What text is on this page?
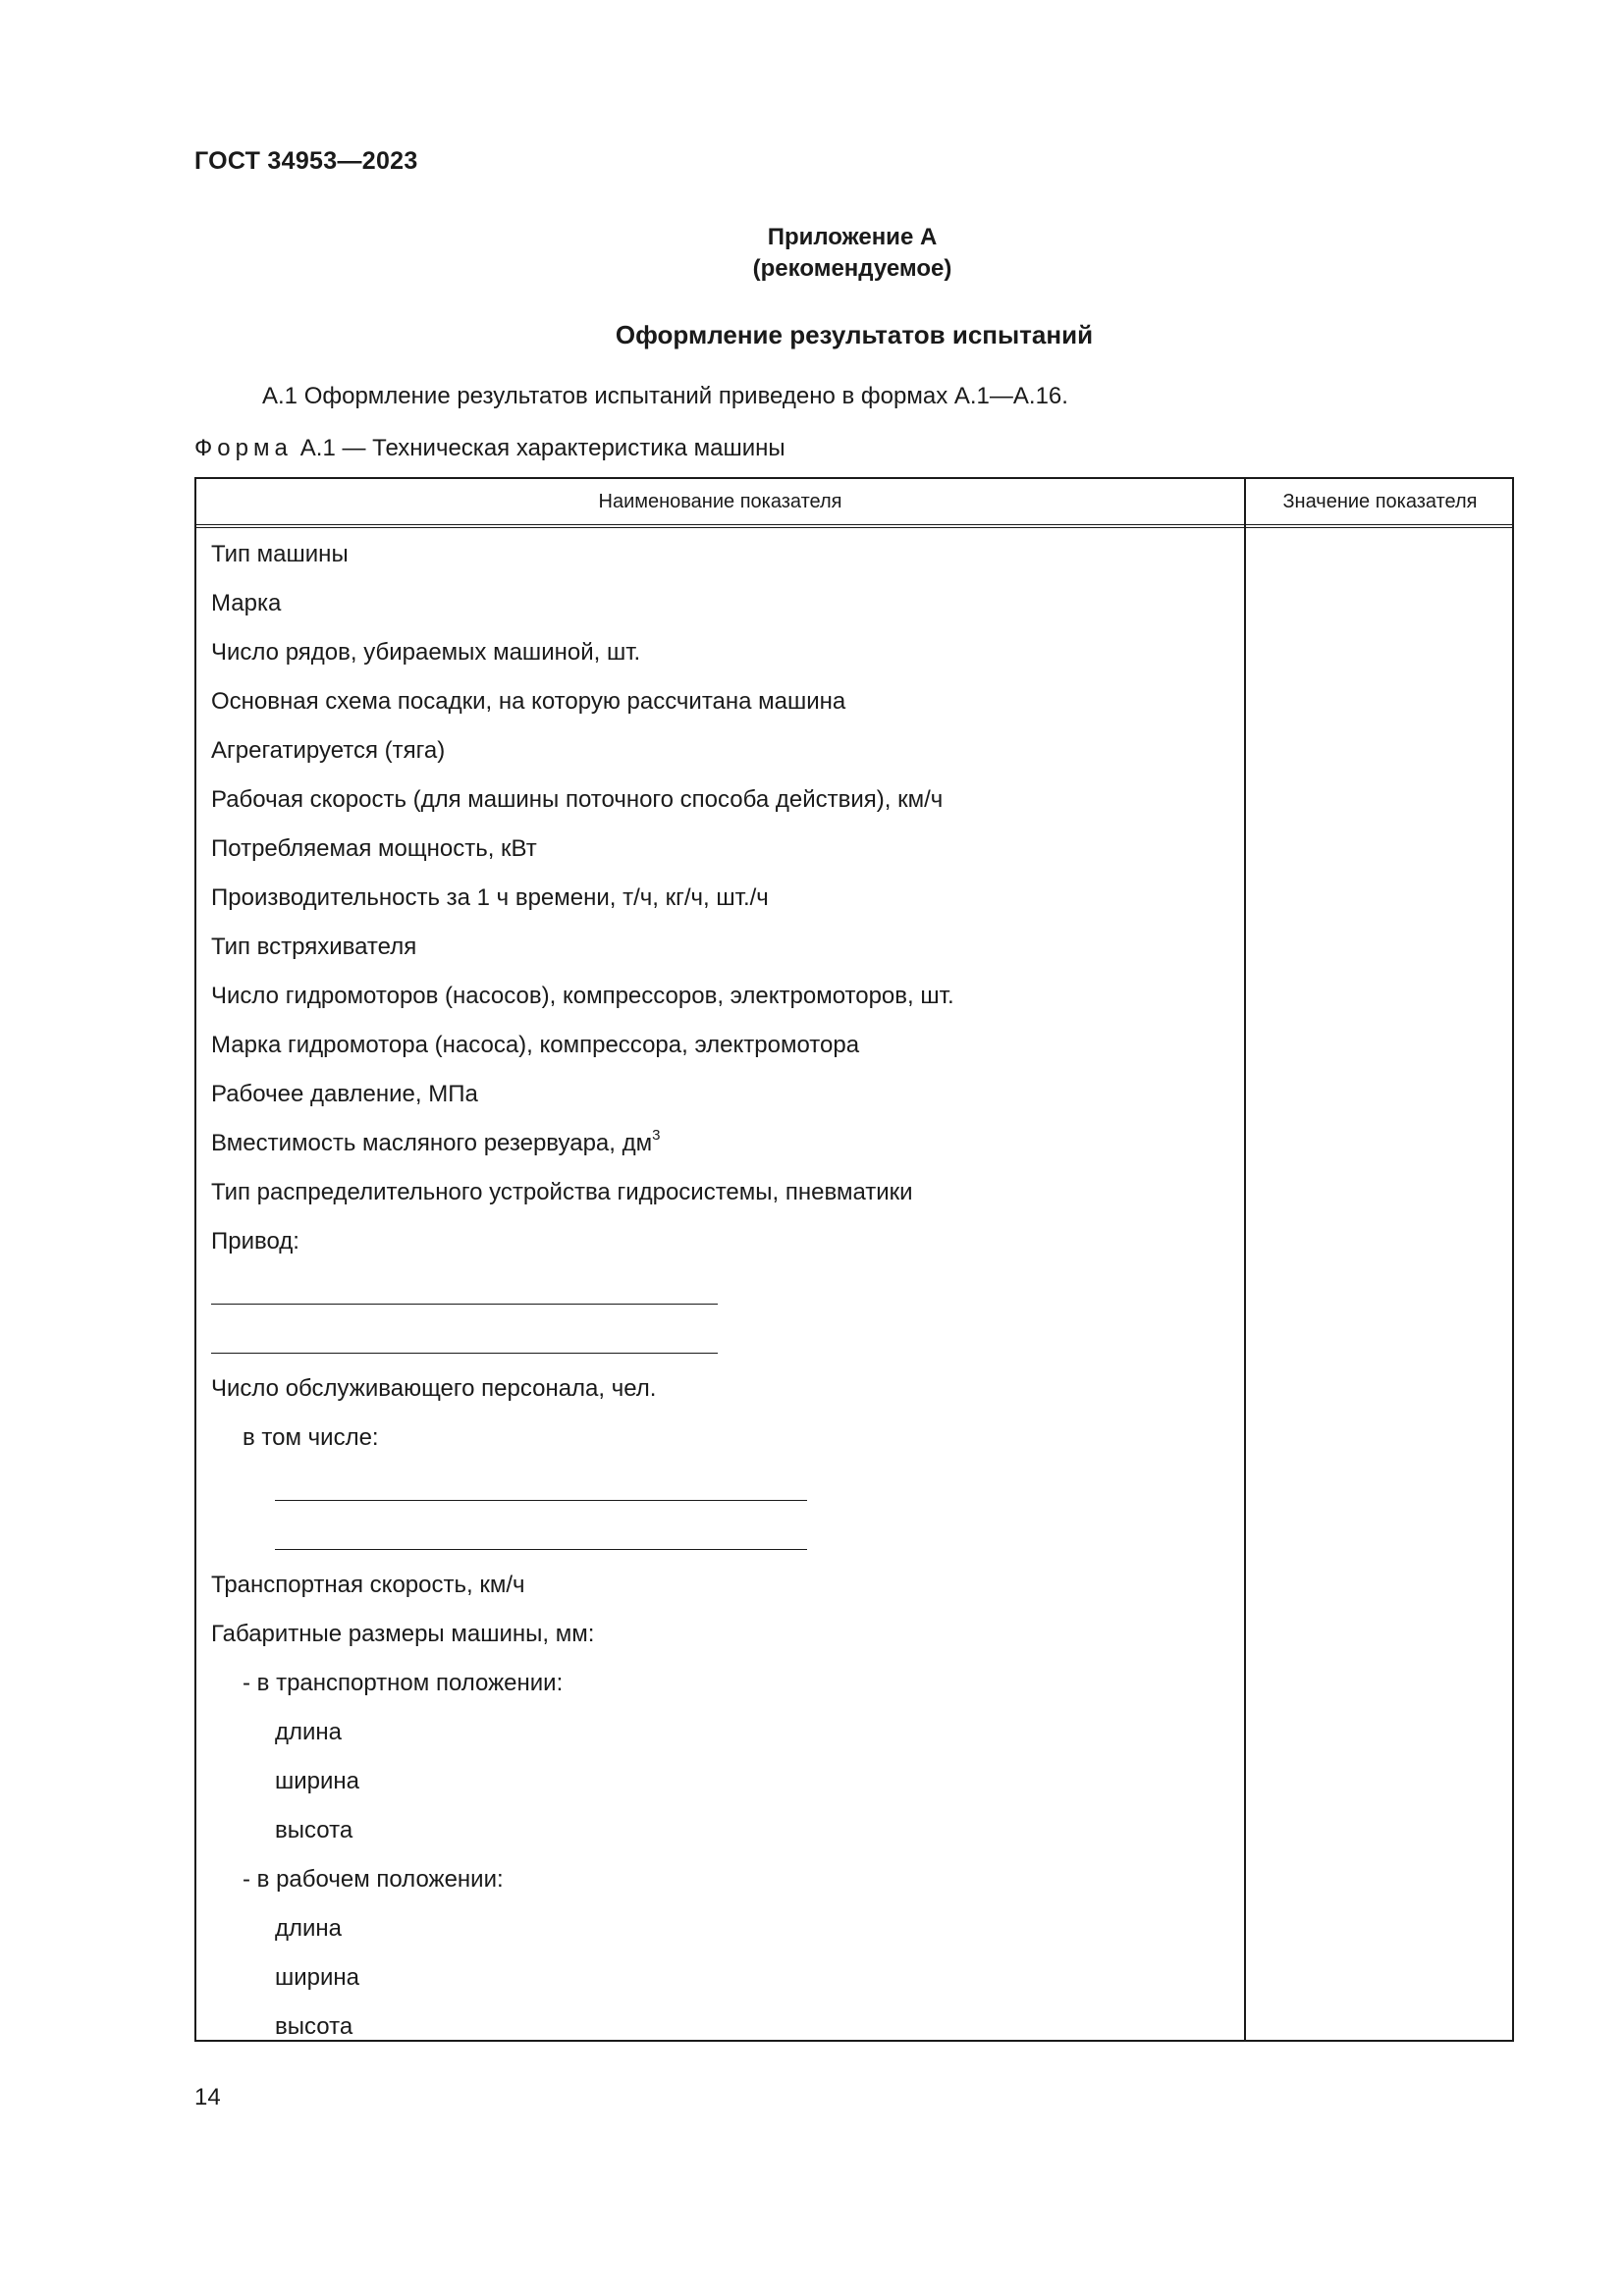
ГОСТ 34953—2023
Приложение А
(рекомендуемое)
Оформление результатов испытаний
А.1 Оформление результатов испытаний приведено в формах А.1—А.16.
Форма А.1 — Техническая характеристика машины
Наименование показателя	Значение показателя
Тип машины
Марка
Число рядов, убираемых машиной, шт.
Основная схема посадки, на которую рассчитана машина
Агрегатируется (тяга)
Рабочая скорость (для машины поточного способа действия), км/ч
Потребляемая мощность, кВт
Производительность за 1 ч времени, т/ч, кг/ч, шт./ч
Тип встряхивателя
Число гидромоторов (насосов), компрессоров, электромоторов, шт.
Марка гидромотора (насоса), компрессора, электромотора
Рабочее давление, МПа
Вместимость масляного резервуара, $дм^3$
Тип распределительного устройства гидросистемы, пневматики
Привод:
Число обслуживающего персонала, чел.
в том числе:
Транспортная скорость, км/ч
Габаритные размеры машины, мм:
- в транспортном положении:
длина
ширина
высота
- в рабочем положении:
длина
ширина
высота
14
